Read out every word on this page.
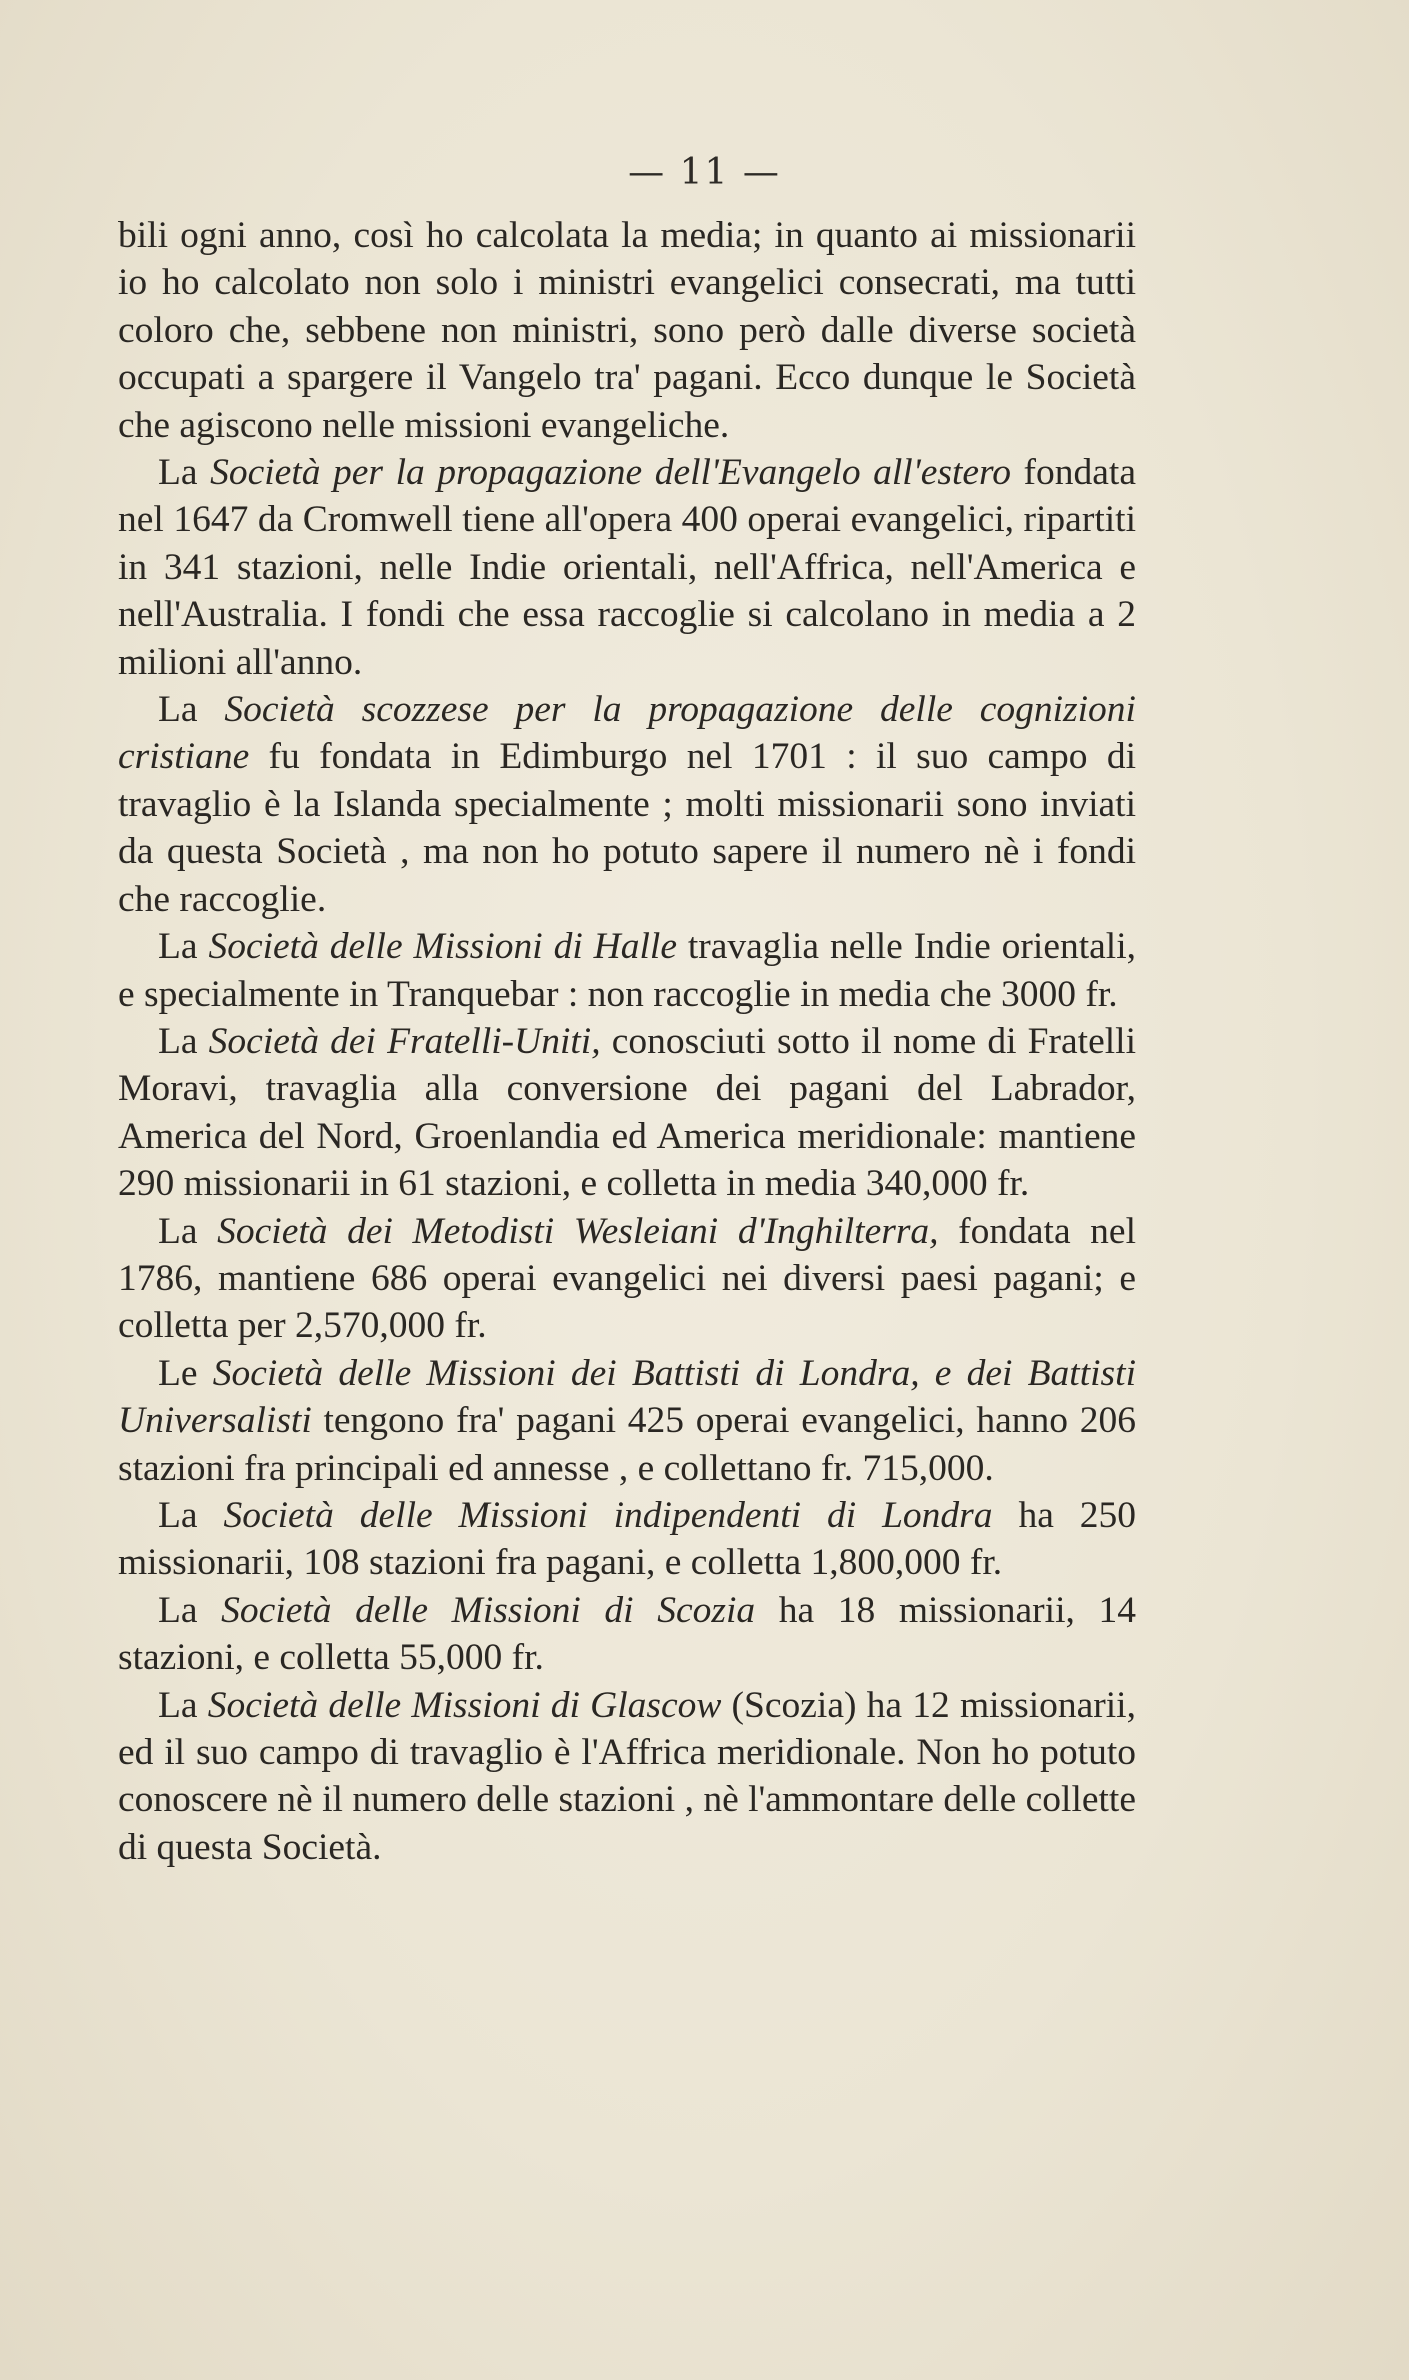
— 11 —

bili ogni anno, così ho calcolata la media; in quanto ai missionarii io ho calcolato non solo i ministri evangelici consecrati, ma tutti coloro che, sebbene non ministri, sono però dalle diverse società occupati a spargere il Vangelo tra' pagani. Ecco dunque le Società che agiscono nelle missioni evangeliche.

La Società per la propagazione dell'Evangelo all'estero fondata nel 1647 da Cromwell tiene all'opera 400 operai evangelici, ripartiti in 341 stazioni, nelle Indie orientali, nell'Affrica, nell'America e nell'Australia. I fondi che essa raccoglie si calcolano in media a 2 milioni all'anno.

La Società scozzese per la propagazione delle cognizioni cristiane fu fondata in Edimburgo nel 1701 : il suo campo di travaglio è la Islanda specialmente ; molti missionarii sono inviati da questa Società , ma non ho potuto sapere il numero nè i fondi che raccoglie.

La Società delle Missioni di Halle travaglia nelle Indie orientali, e specialmente in Tranquebar : non raccoglie in media che 3000 fr.

La Società dei Fratelli-Uniti, conosciuti sotto il nome di Fratelli Moravi, travaglia alla conversione dei pagani del Labrador, America del Nord, Groenlandia ed America meridionale: mantiene 290 missionarii in 61 stazioni, e colletta in media 340,000 fr.

La Società dei Metodisti Wesleiani d'Inghilterra, fondata nel 1786, mantiene 686 operai evangelici nei diversi paesi pagani; e colletta per 2,570,000 fr.

Le Società delle Missioni dei Battisti di Londra, e dei Battisti Universalisti tengono fra' pagani 425 operai evangelici, hanno 206 stazioni fra principali ed annesse , e collettano fr. 715,000.

La Società delle Missioni indipendenti di Londra ha 250 missionarii, 108 stazioni fra pagani, e colletta 1,800,000 fr.

La Società delle Missioni di Scozia ha 18 missionarii, 14 stazioni, e colletta 55,000 fr.

La Società delle Missioni di Glascow (Scozia) ha 12 missionarii, ed il suo campo di travaglio è l'Affrica meridionale. Non ho potuto conoscere nè il numero delle stazioni , nè l'ammontare delle collette di questa Società.
